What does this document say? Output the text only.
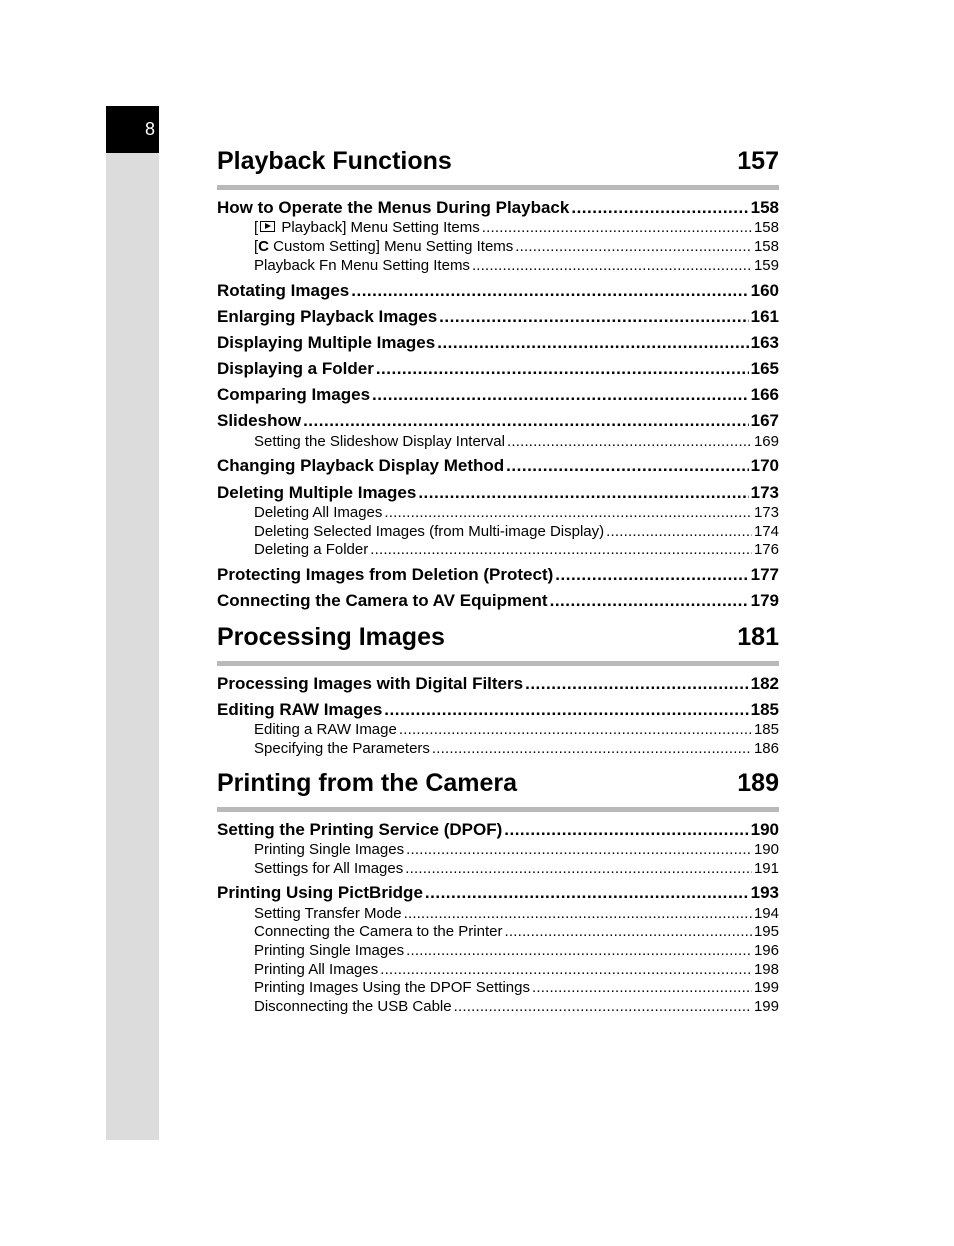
8
Playback Functions	157
How to Operate the Menus During Playback .....	158
[ Playback] Menu Setting Items .....	158
[C Custom Setting] Menu Setting Items .....	158
Playback Fn Menu Setting Items .....	159
Rotating Images .....	160
Enlarging Playback Images .....	161
Displaying Multiple Images .....	163
Displaying a Folder .....	165
Comparing Images .....	166
Slideshow .....	167
Setting the Slideshow Display Interval .....	169
Changing Playback Display Method .....	170
Deleting Multiple Images .....	173
Deleting All Images .....	173
Deleting Selected Images (from Multi-image Display) .....	174
Deleting a Folder .....	176
Protecting Images from Deletion (Protect) .....	177
Connecting the Camera to AV Equipment .....	179
Processing Images	181
Processing Images with Digital Filters .....	182
Editing RAW Images .....	185
Editing a RAW Image .....	185
Specifying the Parameters .....	186
Printing from the Camera	189
Setting the Printing Service (DPOF) .....	190
Printing Single Images .....	190
Settings for All Images .....	191
Printing Using PictBridge .....	193
Setting Transfer Mode .....	194
Connecting the Camera to the Printer .....	195
Printing Single Images .....	196
Printing All Images .....	198
Printing Images Using the DPOF Settings .....	199
Disconnecting the USB Cable .....	199
